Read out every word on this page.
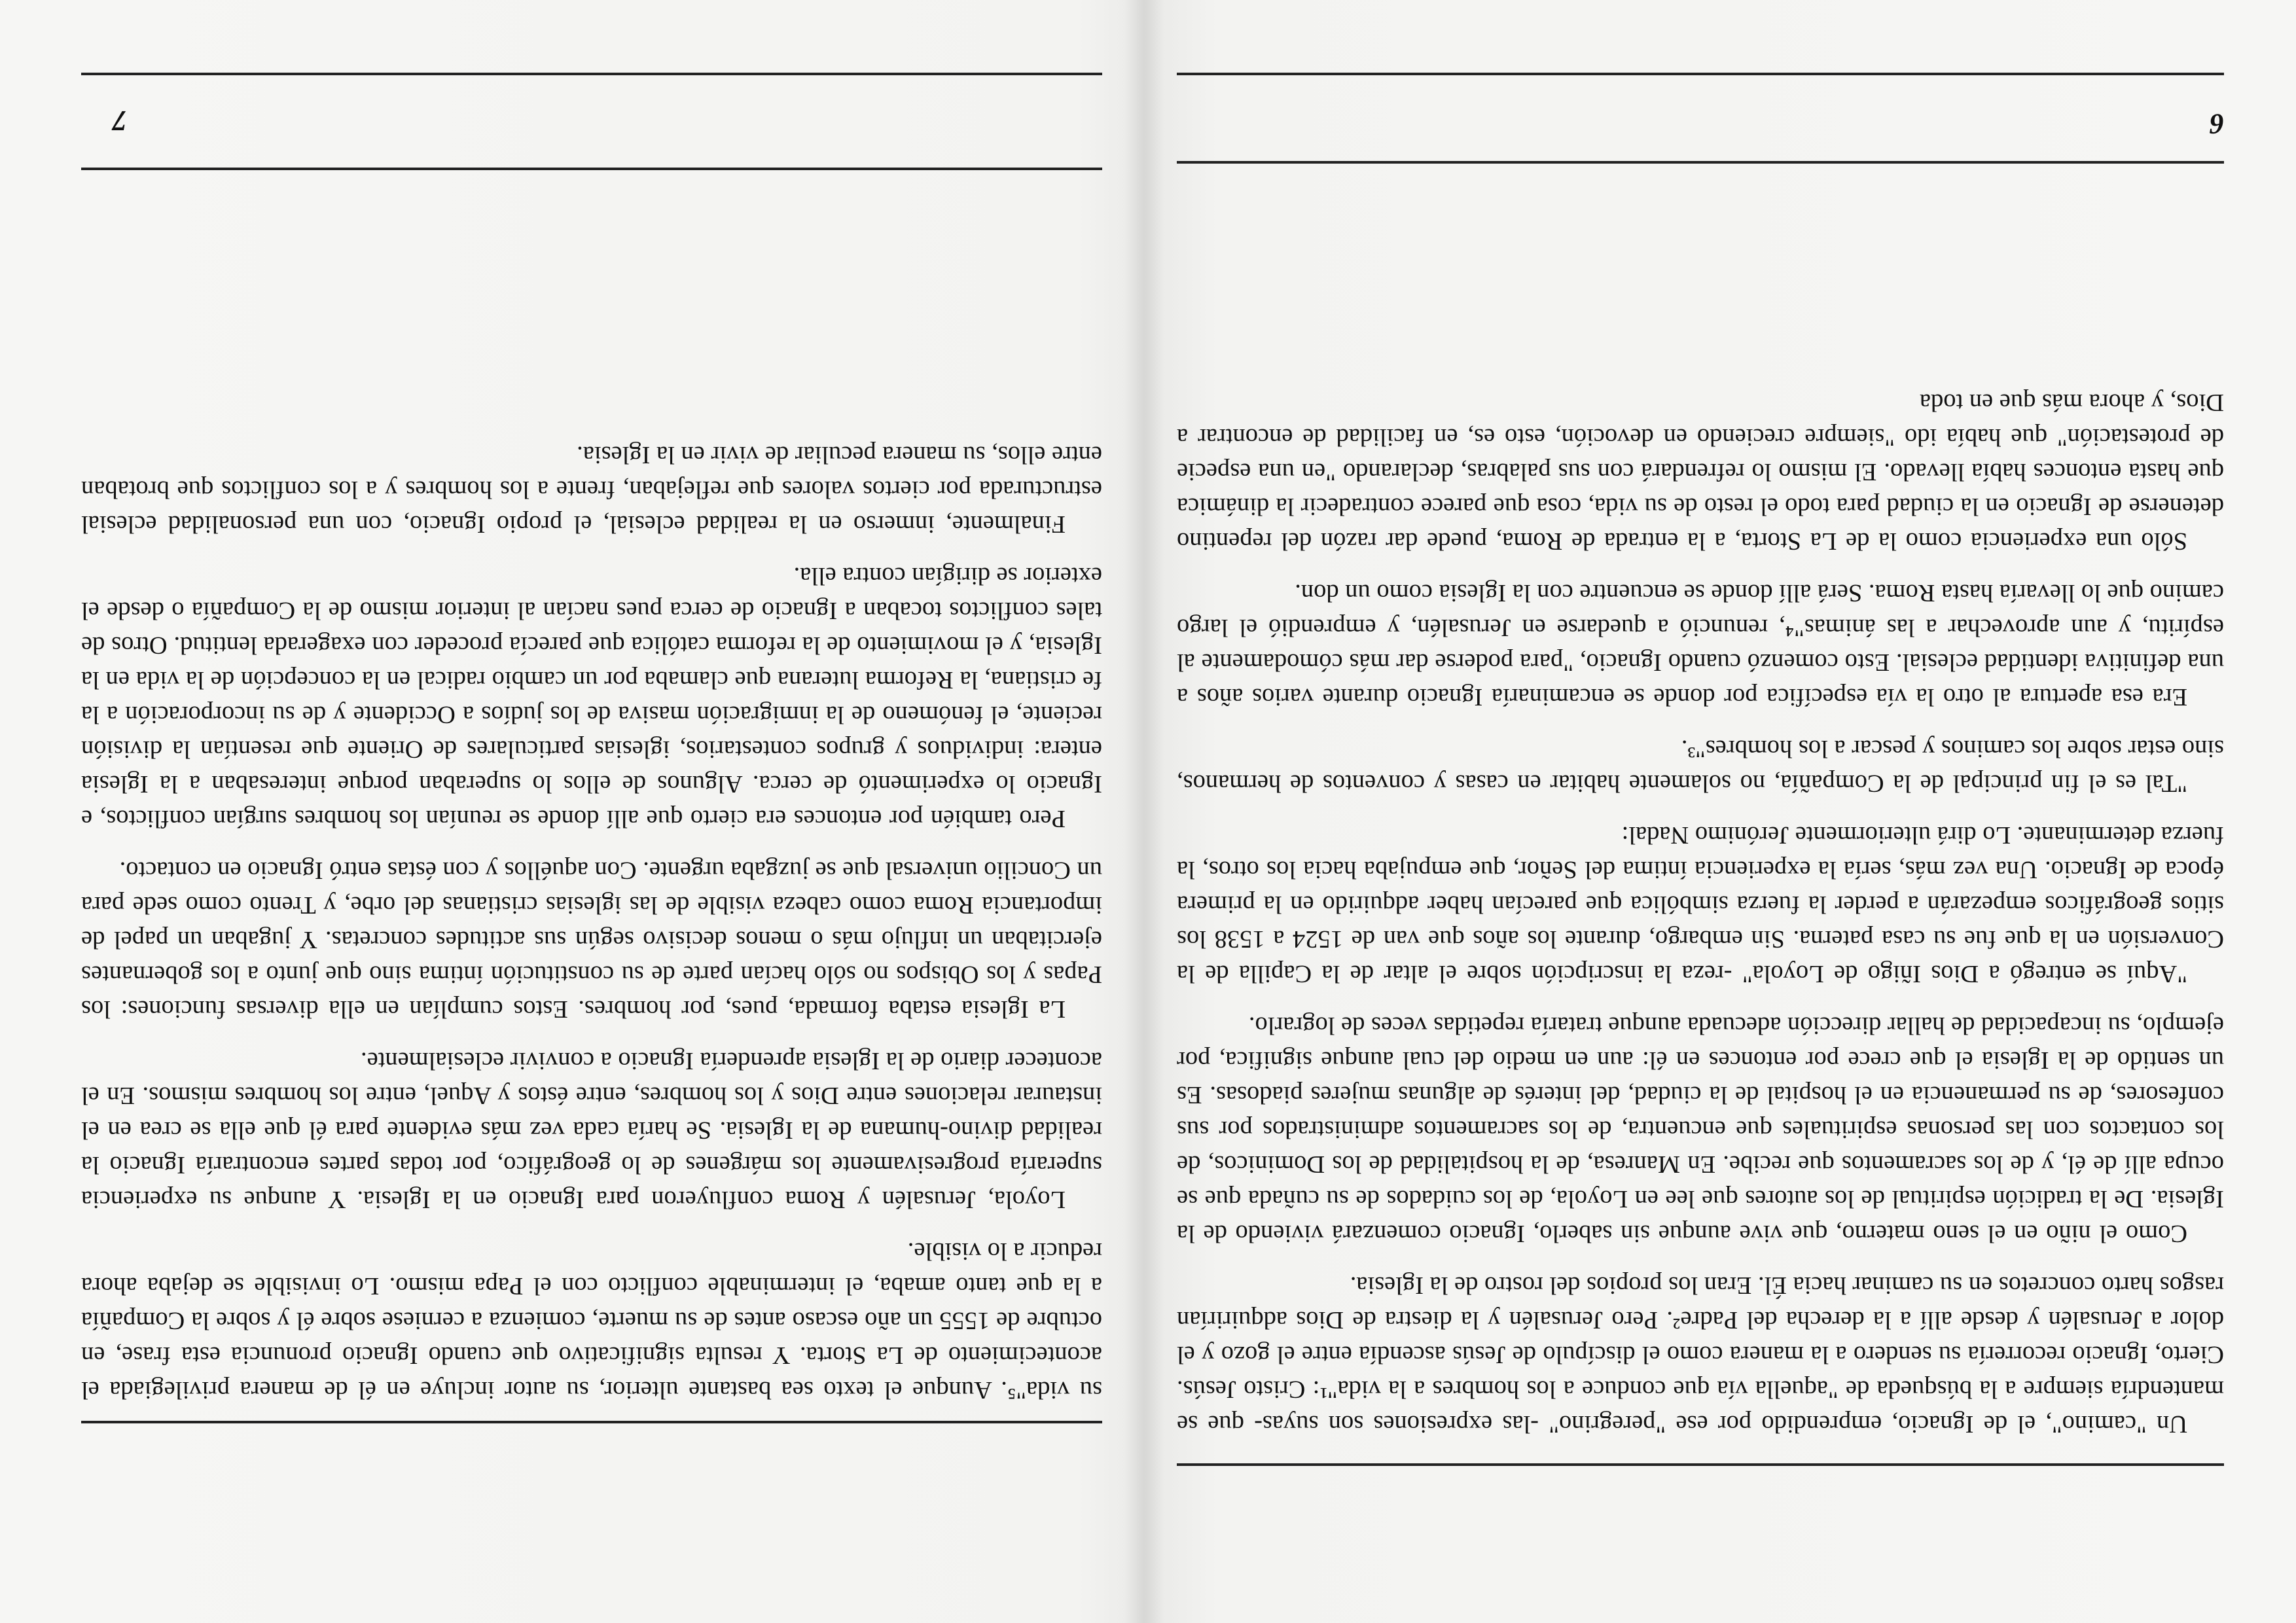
6

Un "camino", el de Ignacio, emprendido por ese "peregrino" -las expresiones son suyas- que se mantendría siempre a la búsqueda de "aquella vía que conduce a los hombres a la vida"¹: Cristo Jesús. Cierto, Ignacio recorrería su sendero a la manera como el discípulo de Jesús ascendía entre el gozo y el dolor a Jerusalén y desde allí a la derecha del Padre². Pero Jerusalén y la diestra de Dios adquirirían rasgos harto concretos en su caminar hacia Él. Eran los propios del rostro de la Iglesia.

Como el niño en el seno materno, que vive aunque sin saberlo, Ignacio comenzará viviendo de la Iglesia. De la tradición espiritual de los autores que lee en Loyola, de los cuidados de su cuñada que se ocupa allí de él, y de los sacramentos que recibe. En Manresa, de la hospitalidad de los Dominicos, de los contactos con las personas espirituales que encuentra, de los sacramentos administrados por sus confesores, de su permanencia en el hospital de la ciudad, del interés de algunas mujeres piadosas. Es un sentido de la Iglesia el que crece por entonces en él: aun en medio del cual aunque significa, por ejemplo, su incapacidad de hallar dirección adecuada aunque trataría repetidas veces de lograrlo.

"Aquí se entregó a Dios Iñigo de Loyola" -reza la inscripción sobre el altar de la Capilla de la Conversión en la que fue su casa paterna. Sin embargo, durante los años que van de 1524 a 1538 los sitios geográficos empezarán a perder la fuerza simbólica que parecían haber adquirido en la primera época de Ignacio. Una vez más, sería la experiencia íntima del Señor, que empujaba hacia los otros, la fuerza determinante. Lo dirá ulteriormente Jerónimo Nadal:

"Tal es el fin principal de la Compañía, no solamente habitar en casas y conventos de hermanos, sino estar sobre los caminos y pescar a los hombres"³.

Era esa apertura al otro la vía específica por donde se encaminaría Ignacio durante varios años a una definitiva identidad eclesial. Esto comenzó cuando Ignacio, "para poderse dar más cómodamente al espíritu, y aun aprovechar a las ánimas"⁴, renunció a quedarse en Jerusalén, y emprendió el largo camino que lo llevaría hasta Roma. Será allí donde se encuentre con la Iglesia como un don.

Sólo una experiencia como la de La Storta, a la entrada de Roma, puede dar razón del repentino detenerse de Ignacio en la ciudad para todo el resto de su vida, cosa que parece contradecir la dinámica que hasta entonces había llevado. El mismo lo refrendará con sus palabras, declarando "en una especie de protestación" que había ido "siempre creciendo en devoción, esto es, en facilidad de encontrar a Dios, y ahora más que en toda

7

su vida"⁵. Aunque el texto sea bastante ulterior, su autor incluye en él de manera privilegiada el acontecimiento de La Storta. Y resulta significativo que cuando Ignacio pronuncia esta frase, en octubre de 1555 un año escaso antes de su muerte, comienza a cerniese sobre él y sobre la Compañía a la que tanto amaba, el interminable conflicto con el Papa mismo. Lo invisible se dejaba ahora reducir a lo visible.

Loyola, Jerusalén y Roma confluyeron para Ignacio en la Iglesia. Y aunque su experiencia superaría progresivamente los márgenes de lo geográfico, por todas partes encontraría Ignacio la realidad divino-humana de la Iglesia. Se haría cada vez más evidente para él que ella se crea en el instaurar relaciones entre Dios y los hombres, entre éstos y Aquel, entre los hombres mismos. En el acontecer diario de la Iglesia aprendería Ignacio a convivir eclesialmente.

La Iglesia estaba formada, pues, por hombres. Estos cumplían en ella diversas funciones: los Papas y los Obispos no sólo hacían parte de su constitución íntima sino que junto a los gobernantes ejercitaban un influjo más o menos decisivo según sus actitudes concretas. Y jugaban un papel de importancia Roma como cabeza visible de las iglesias cristianas del orbe, y Trento como sede para un Concilio universal que se juzgaba urgente. Con aquéllos y con éstas entró Ignacio en contacto.

Pero también por entonces era cierto que allí donde se reunían los hombres surgían conflictos, e Ignacio lo experimentó de cerca. Algunos de ellos lo superaban porque interesaban a la Iglesia entera: individuos y grupos contestarios, iglesias particulares de Oriente que resentían la división reciente, el fenómeno de la inmigración masiva de los judíos a Occidente y de su incorporación a la fe cristiana, la Reforma luterana que clamaba por un cambio radical en la concepción de la vida en la Iglesia, y el movimiento de la reforma católica que parecía proceder con exagerada lentitud. Otros de tales conflictos tocaban a Ignacio de cerca pues nacían al interior mismo de la Compañía o desde el exterior se dirigían contra ella.

Finalmente, inmerso en la realidad eclesial, el propio Ignacio, con una personalidad eclesial estructurada por ciertos valores que reflejaban, frente a los hombres y a los conflictos que brotaban entre ellos, su manera peculiar de vivir en la Iglesia.
